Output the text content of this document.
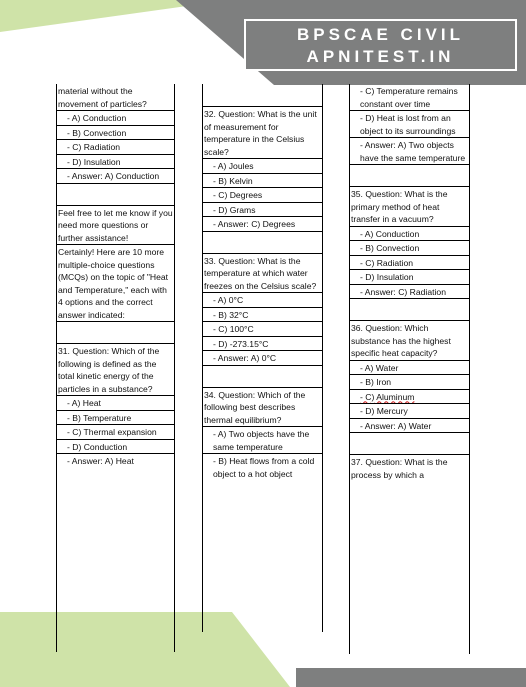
BPSCAE CIVIL
APNITEST.IN
material without the movement of particles?
- A) Conduction
- B) Convection
- C) Radiation
- D) Insulation
- Answer: A) Conduction
Feel free to let me know if you need more questions or further assistance!
Certainly! Here are 10 more multiple-choice questions (MCQs) on the topic of "Heat and Temperature," each with 4 options and the correct answer indicated:
31. Question: Which of the following is defined as the total kinetic energy of the particles in a substance?
- A) Heat
- B) Temperature
- C) Thermal expansion
- D) Conduction
- Answer: A) Heat
32. Question: What is the unit of measurement for temperature in the Celsius scale?
- A) Joules
- B) Kelvin
- C) Degrees
- D) Grams
- Answer: C) Degrees
33. Question: What is the temperature at which water freezes on the Celsius scale?
- A) 0°C
- B) 32°C
- C) 100°C
- D) -273.15°C
- Answer: A) 0°C
34. Question: Which of the following best describes thermal equilibrium?
- A) Two objects have the same temperature
- B) Heat flows from a cold object to a hot object
- C) Temperature remains constant over time
- D) Heat is lost from an object to its surroundings
- Answer: A) Two objects have the same temperature
35. Question: What is the primary method of heat transfer in a vacuum?
- A) Conduction
- B) Convection
- C) Radiation
- D) Insulation
- Answer: C) Radiation
36. Question: Which substance has the highest specific heat capacity?
- A) Water
- B) Iron
- C) Aluminum
- D) Mercury
- Answer: A) Water
37. Question: What is the process by which a
